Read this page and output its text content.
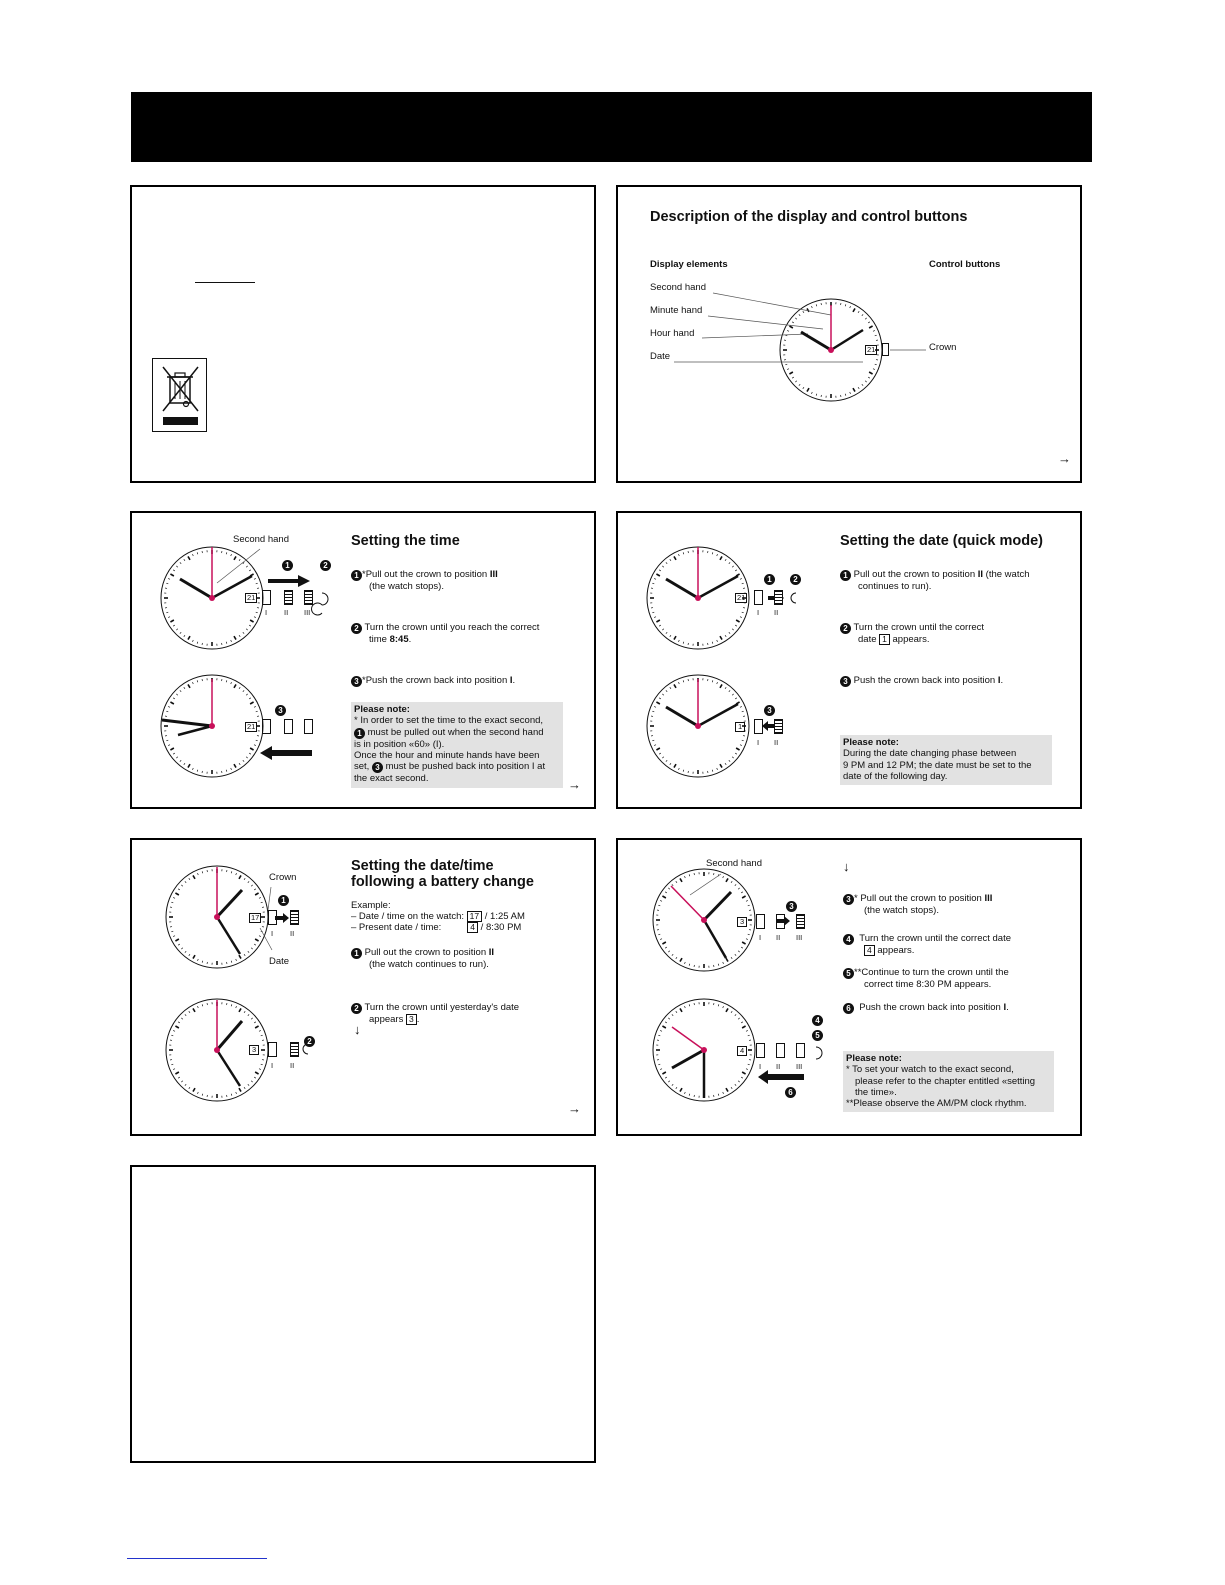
Description of the display and control buttons
Display elements	Control buttons
Second hand
Minute hand
Hour hand
Date
Crown
21
→
Second hand
1	2
3
21
I II III
21
Setting the time
1 *Pull out the crown to position III
(the watch stops).
2 Turn the crown until you reach the correct
time 8:45.
3 *Push the crown back into position I.
Please note:
* In order to set the time to the exact second,
1 must be pulled out when the second hand
is in position «60» (I).
Once the hour and minute hands have been
set, 3 must be pushed back into position I at
the exact second.	→
1	2
3
21
I II
1
I II
Setting the date (quick mode)
1 Pull out the crown to position II (the watch
continues to run).
2 Turn the crown until the correct
date 1 appears.
3 Push the crown back into position I.
Please note:
During the date changing phase between
9 PM and 12 PM; the date must be set to the
date of the following day.
Crown
Date
1
2
17
I II
3
I II
Setting the date/time
following a battery change
Example:
– Date / time on the watch: 17 / 1:25 AM
– Present date / time:	4 / 8:30 PM
1 Pull out the crown to position II
(the watch continues to run).
2 Turn the crown until yesterday's date
appears 3 .
↓
→
Second hand
3
4
5
6
3
I II III
4
I II III
↓
3 * Pull out the crown to position III
(the watch stops).
4 Turn the crown until the correct date
4 appears.
5 **Continue to turn the crown until the
correct time 8:30 PM appears.
6 Push the crown back into position I.
Please note:
* To set your watch to the exact second,
please refer to the chapter entitled «setting
the time».
**Please observe the AM/PM clock rhythm.
